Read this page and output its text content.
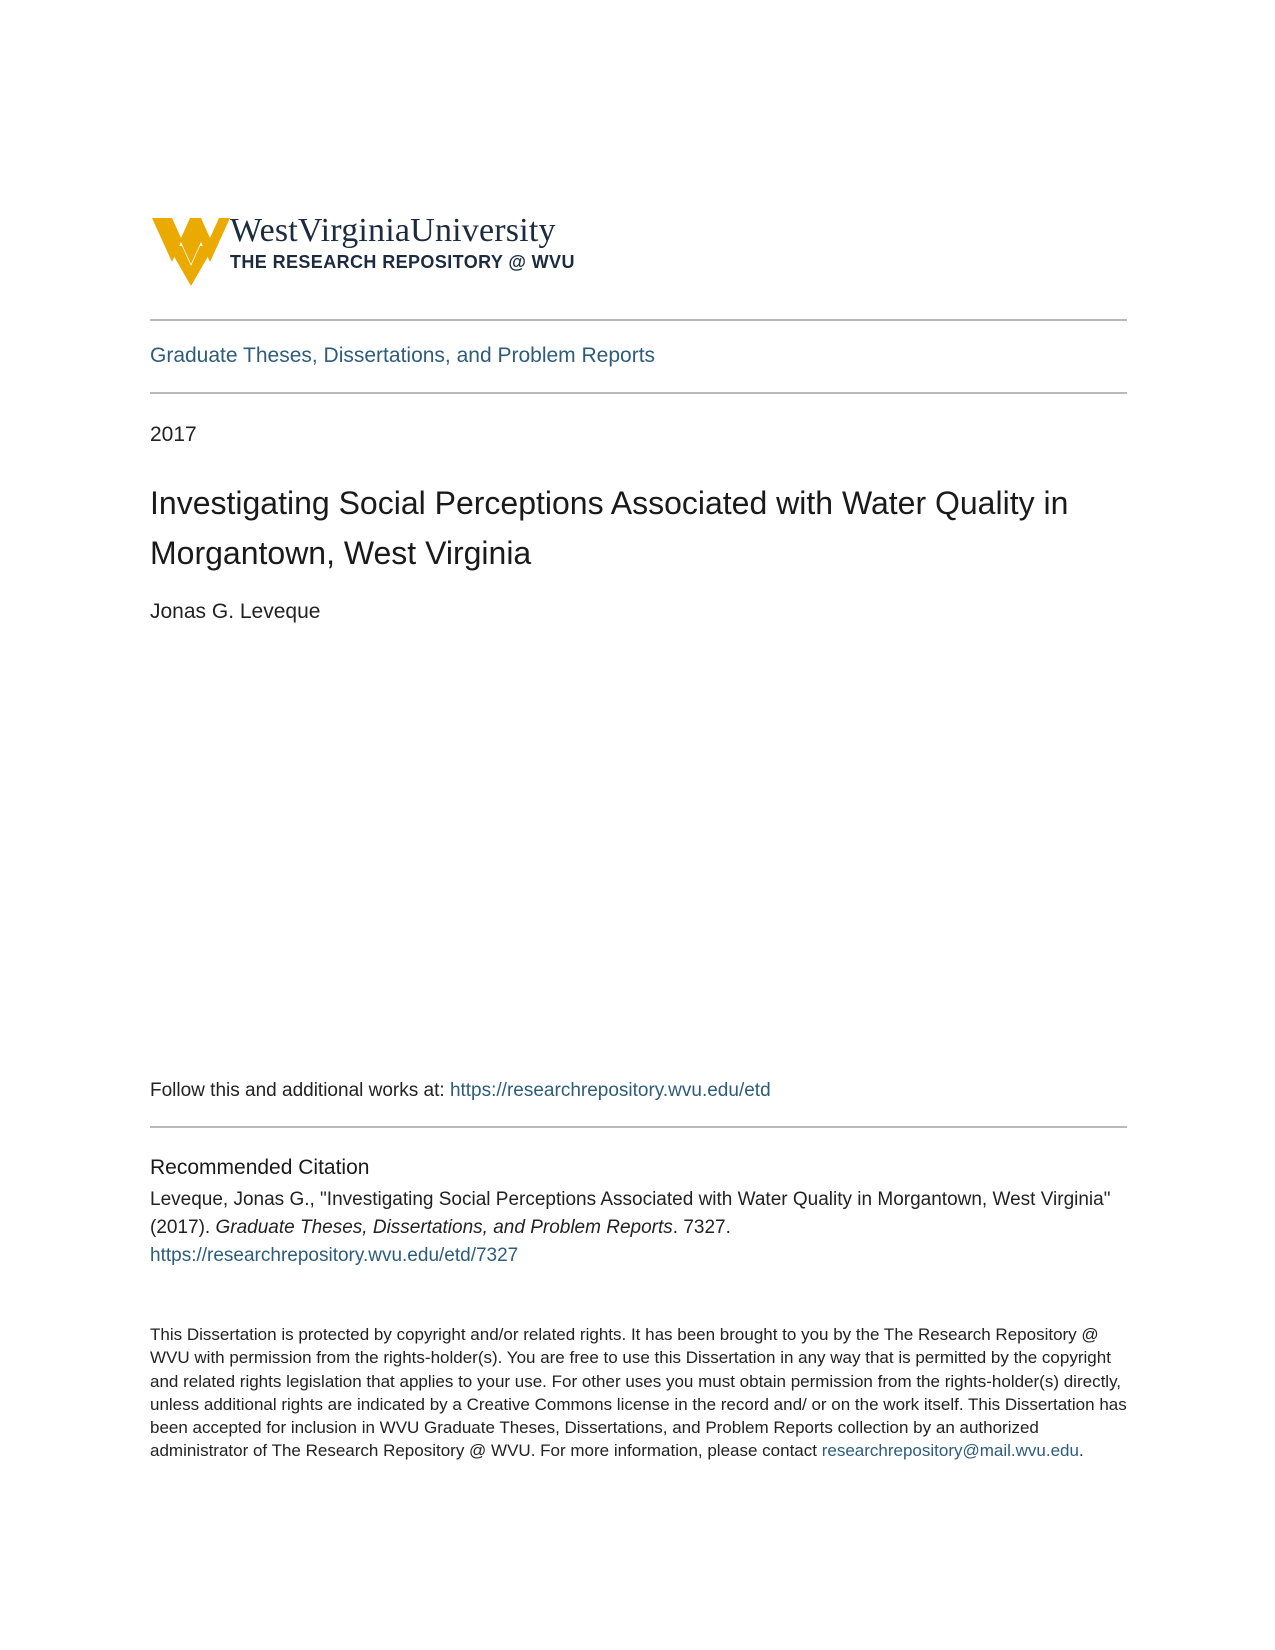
WestVirginiaUniversity
THE RESEARCH REPOSITORY @ WVU
Graduate Theses, Dissertations, and Problem Reports
2017
Investigating Social Perceptions Associated with Water Quality in Morgantown, West Virginia
Jonas G. Leveque
Follow this and additional works at: https://researchrepository.wvu.edu/etd
Recommended Citation
Leveque, Jonas G., "Investigating Social Perceptions Associated with Water Quality in Morgantown, West Virginia" (2017). Graduate Theses, Dissertations, and Problem Reports. 7327.
https://researchrepository.wvu.edu/etd/7327
This Dissertation is protected by copyright and/or related rights. It has been brought to you by the The Research Repository @ WVU with permission from the rights-holder(s). You are free to use this Dissertation in any way that is permitted by the copyright and related rights legislation that applies to your use. For other uses you must obtain permission from the rights-holder(s) directly, unless additional rights are indicated by a Creative Commons license in the record and/ or on the work itself. This Dissertation has been accepted for inclusion in WVU Graduate Theses, Dissertations, and Problem Reports collection by an authorized administrator of The Research Repository @ WVU. For more information, please contact researchrepository@mail.wvu.edu.
